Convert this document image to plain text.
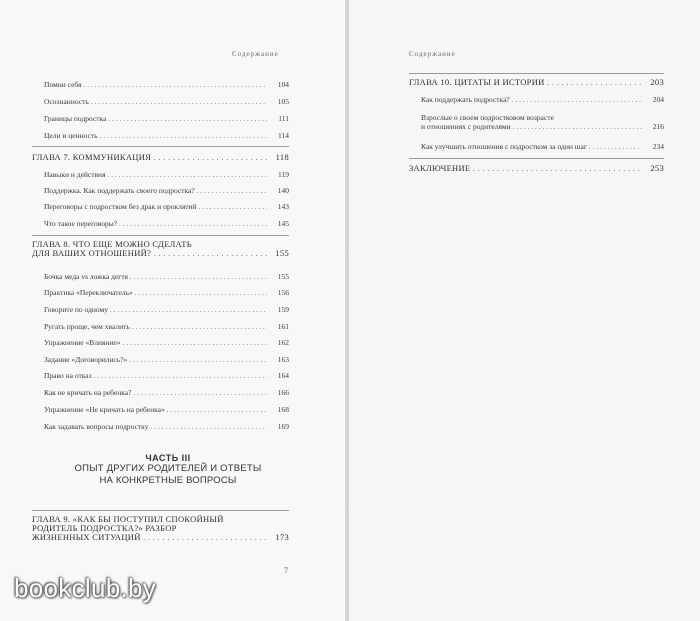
Содержание
Помни себя . . .	104
Осознанность . . .	105
Границы подростка . . .	111
Цели и ценность . . .	114
ГЛАВА 7. КОММУНИКАЦИЯ . . .	118
Навыки и действия . . .	119
Поддержка. Как поддержать своего подростка? . . .	140
Переговоры с подростком без драк и проклятий . . .	143
Что такое переговоры? . . .	145
ГЛАВА 8. ЧТО ЕЩЕ МОЖНО СДЕЛАТЬ
ДЛЯ ВАШИХ ОТНОШЕНИЙ? . . .	155
Бочка меда vs ложка дегтя . . .	155
Практика «Переключатель» . . .	156
Говорите по одному . . .	159
Ругать проще, чем хвалить . . .	161
Упражнение «Влияние» . . .	162
Задание «Договорились?» . . .	163
Право на отказ . . .	164
Как не кричать на ребенка? . . .	166
Упражнение «Не кричать на ребенка» . . .	168
Как задавать вопросы подростку . . .	169
ЧАСТЬ III
ОПЫТ ДРУГИХ РОДИТЕЛЕЙ И ОТВЕТЫ
НА КОНКРЕТНЫЕ ВОПРОСЫ
ГЛАВА 9. «КАК БЫ ПОСТУПИЛ СПОКОЙНЫЙ
РОДИТЕЛЬ ПОДРОСТКА?» РАЗБОР
ЖИЗНЕННЫХ СИТУАЦИЙ . . .	173
7
bookclub.by
Содержание
ГЛАВА 10. ЦИТАТЫ И ИСТОРИИ . . .	203
Как поддержать подростка? . . .	204
Взрослые о своем подростковом возрасте
и отношениях с родителями . . .	216
Как улучшить отношения с подростком за один шаг . . .	234
ЗАКЛЮЧЕНИЕ . . .	253
